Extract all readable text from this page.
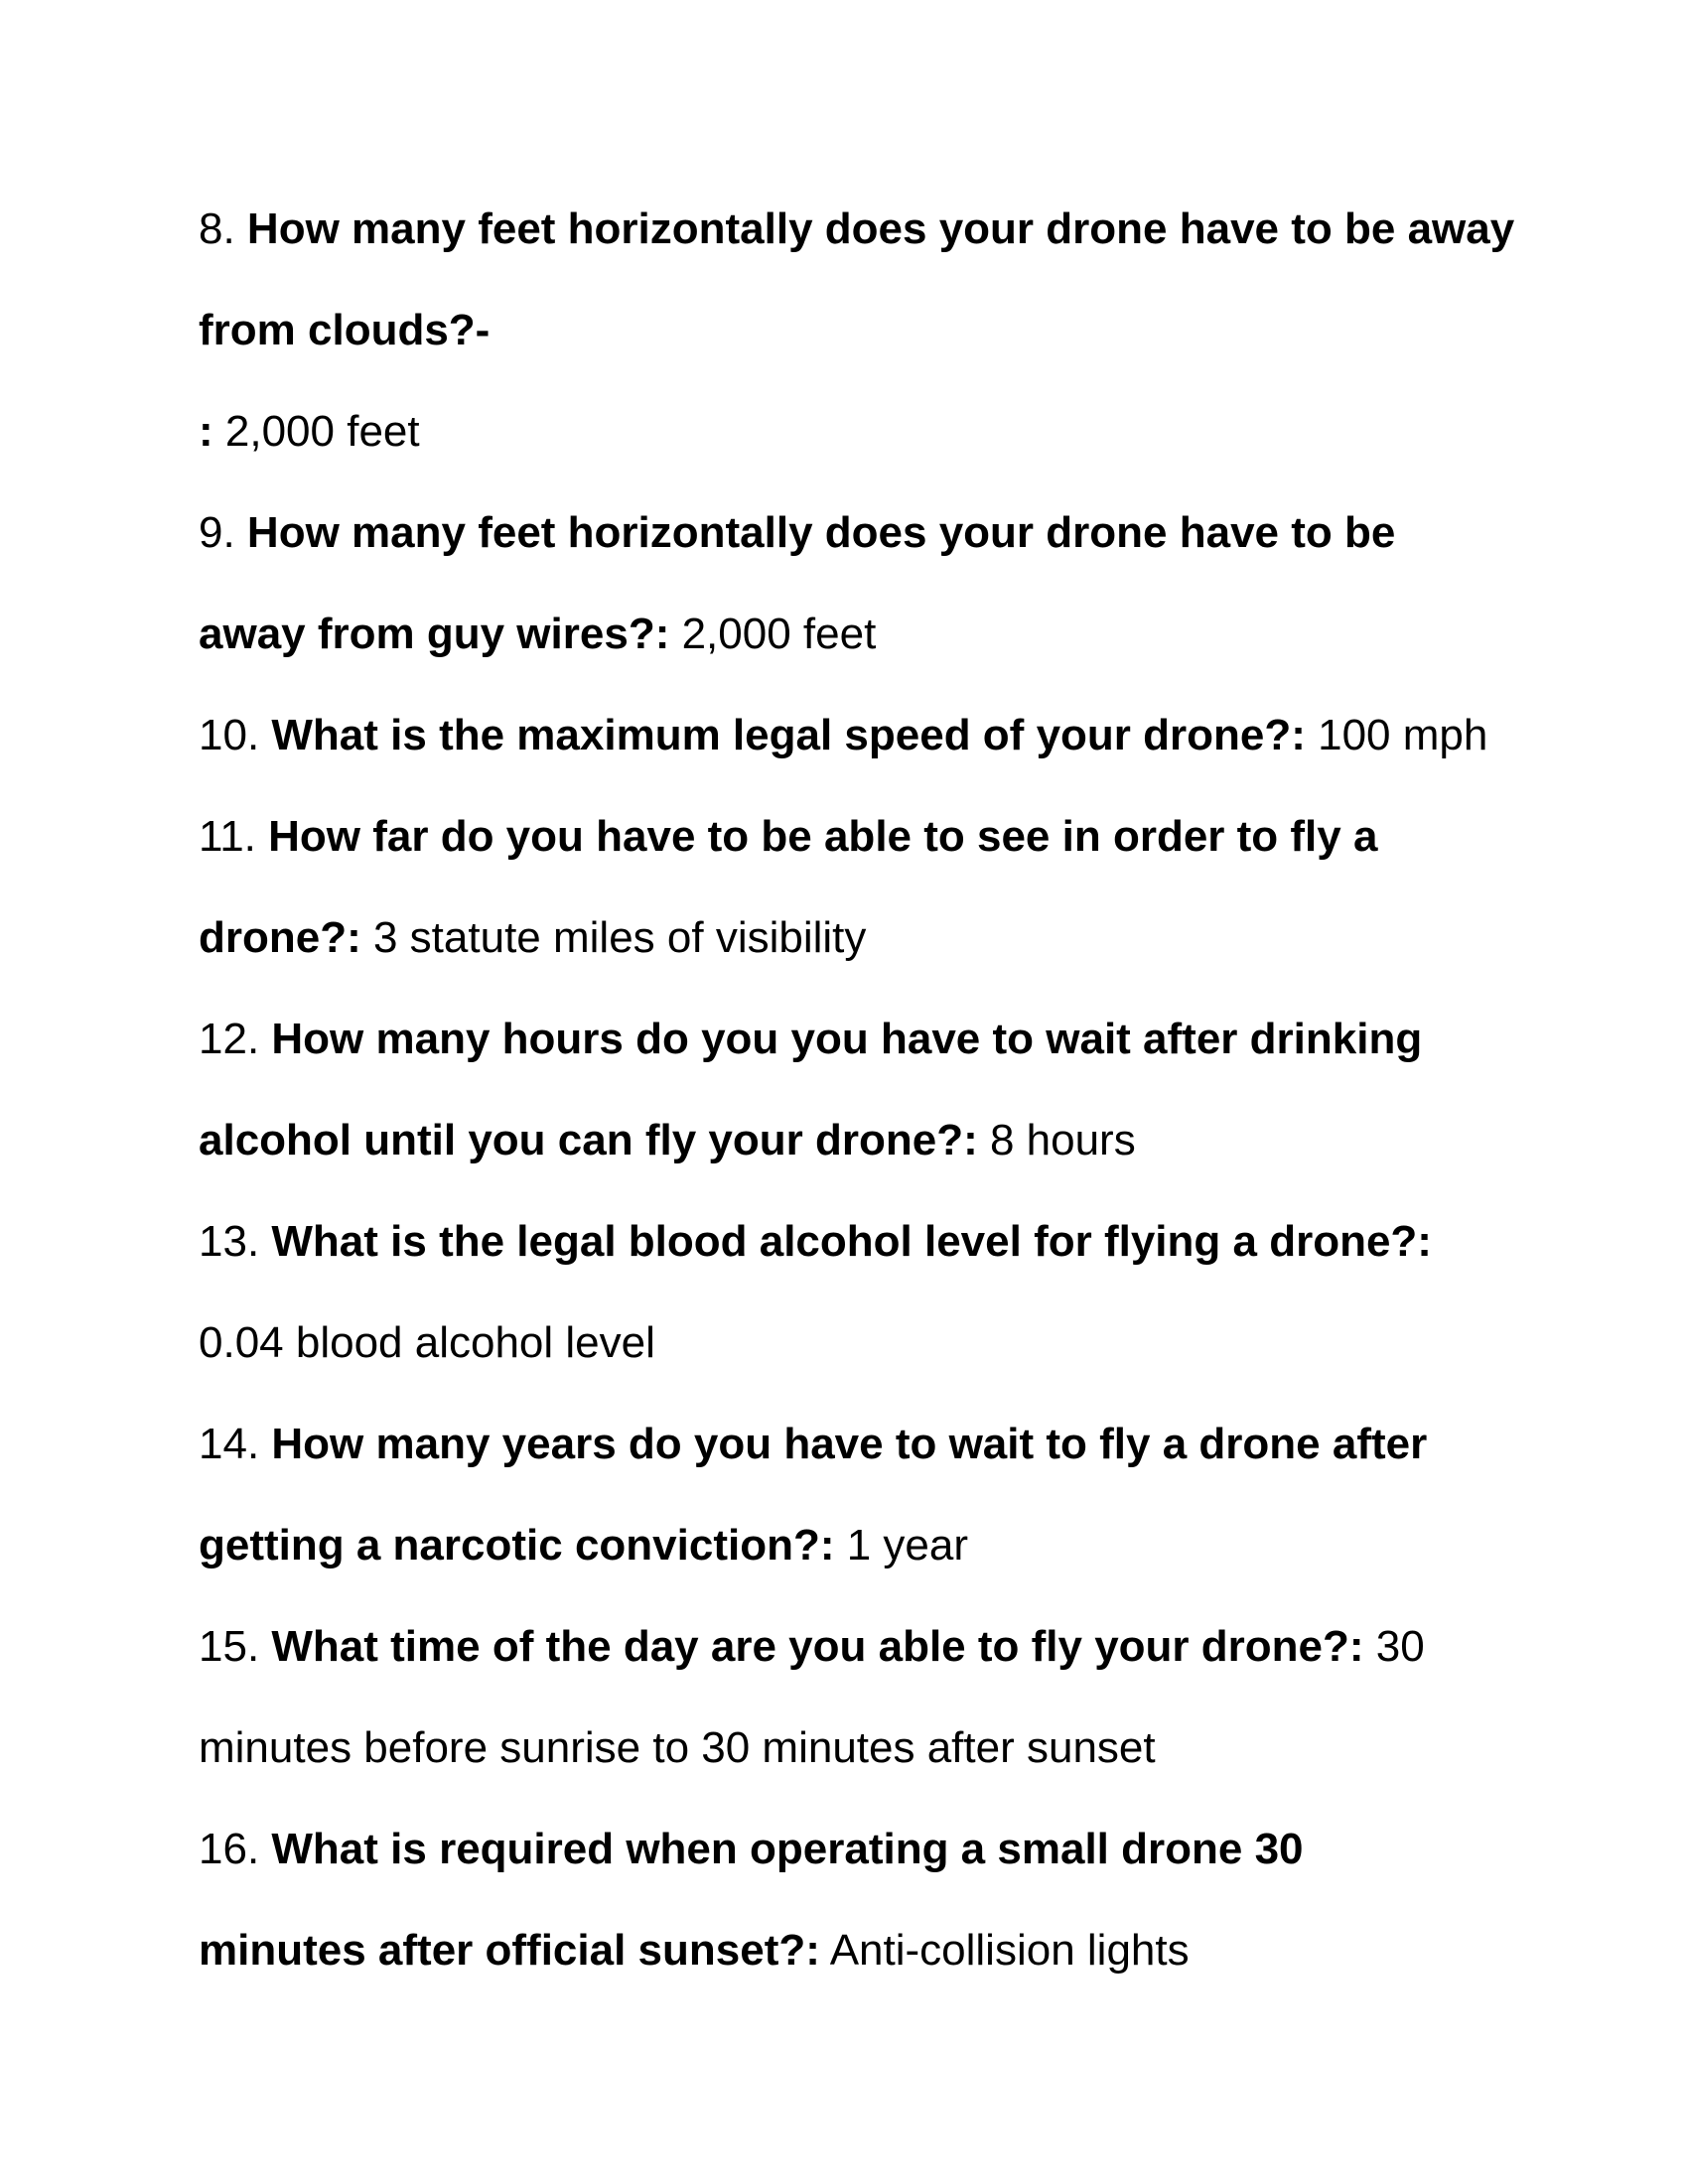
8. How many feet horizontally does your drone have to be away
from clouds?-
: 2,000 feet
9. How many feet horizontally does your drone have to be
away from guy wires?: 2,000 feet
10. What is the maximum legal speed of your drone?: 100 mph
11. How far do you have to be able to see in order to fly a
drone?: 3 statute miles of visibility
12. How many hours do you you have to wait after drinking
alcohol until you can fly your drone?: 8 hours
13. What is the legal blood alcohol level for flying a drone?:
0.04 blood alcohol level
14. How many years do you have to wait to fly a drone after
getting a narcotic conviction?: 1 year
15. What time of the day are you able to fly your drone?: 30
minutes before sunrise to 30 minutes after sunset
16. What is required when operating a small drone 30
minutes after official sunset?: Anti-collision lights
